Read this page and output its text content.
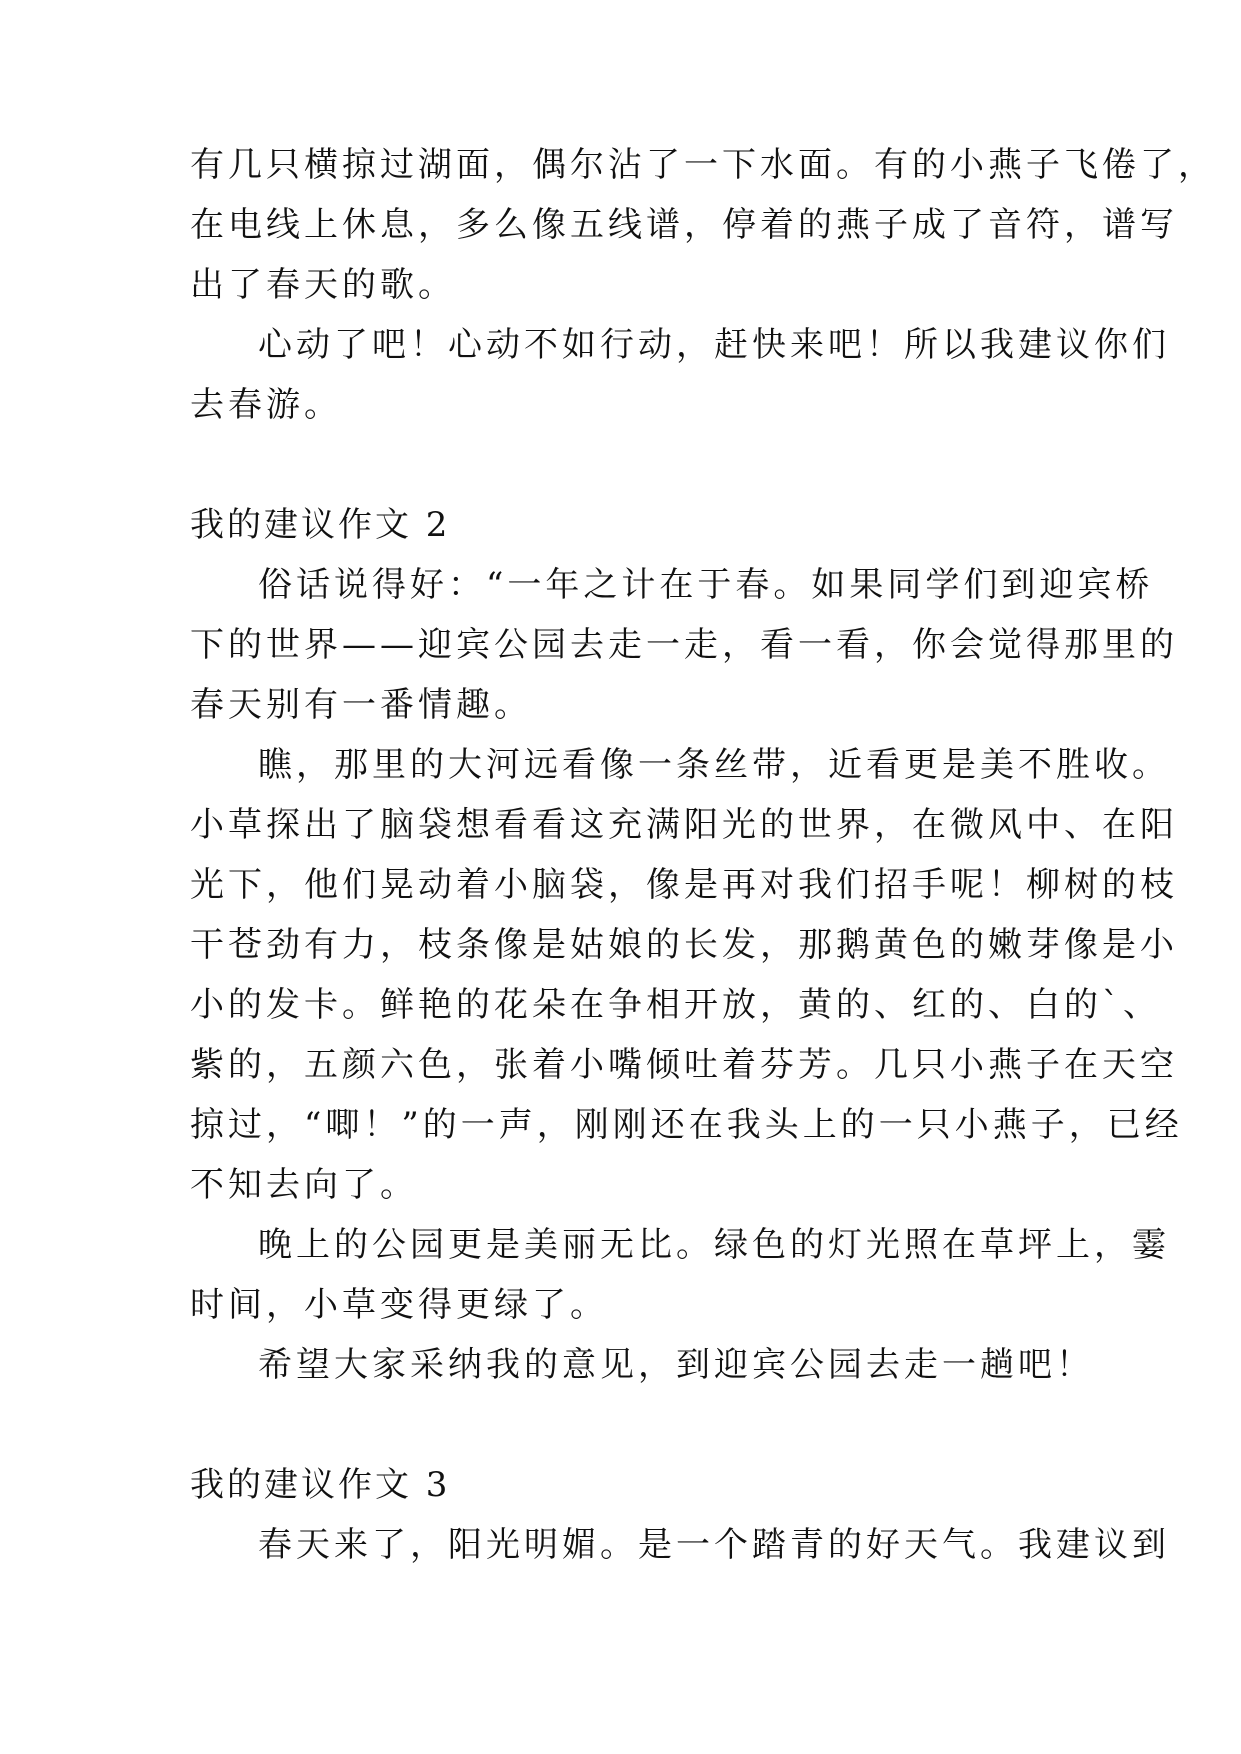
有几只横掠过湖面，偶尔沾了一下水面。有的小燕子飞倦了，
在电线上休息，多么像五线谱，停着的燕子成了音符，谱写
出了春天的歌。
心动了吧！心动不如行动，赶快来吧！所以我建议你们
去春游。
我的建议作文 2
俗话说得好：“一年之计在于春。如果同学们到迎宾桥
下的世界——迎宾公园去走一走，看一看，你会觉得那里的
春天别有一番情趣。
瞧，那里的大河远看像一条丝带，近看更是美不胜收。
小草探出了脑袋想看看这充满阳光的世界，在微风中、在阳
光下，他们晃动着小脑袋，像是再对我们招手呢！柳树的枝
干苍劲有力，枝条像是姑娘的长发，那鹅黄色的嫩芽像是小
小的发卡。鲜艳的花朵在争相开放，黄的、红的、白的`、
紫的，五颜六色，张着小嘴倾吐着芬芳。几只小燕子在天空
掠过，“唧！”的一声，刚刚还在我头上的一只小燕子，已经
不知去向了。
晚上的公园更是美丽无比。绿色的灯光照在草坪上，霎
时间，小草变得更绿了。
希望大家采纳我的意见，到迎宾公园去走一趟吧！
我的建议作文 3
春天来了，阳光明媚。是一个踏青的好天气。我建议到
